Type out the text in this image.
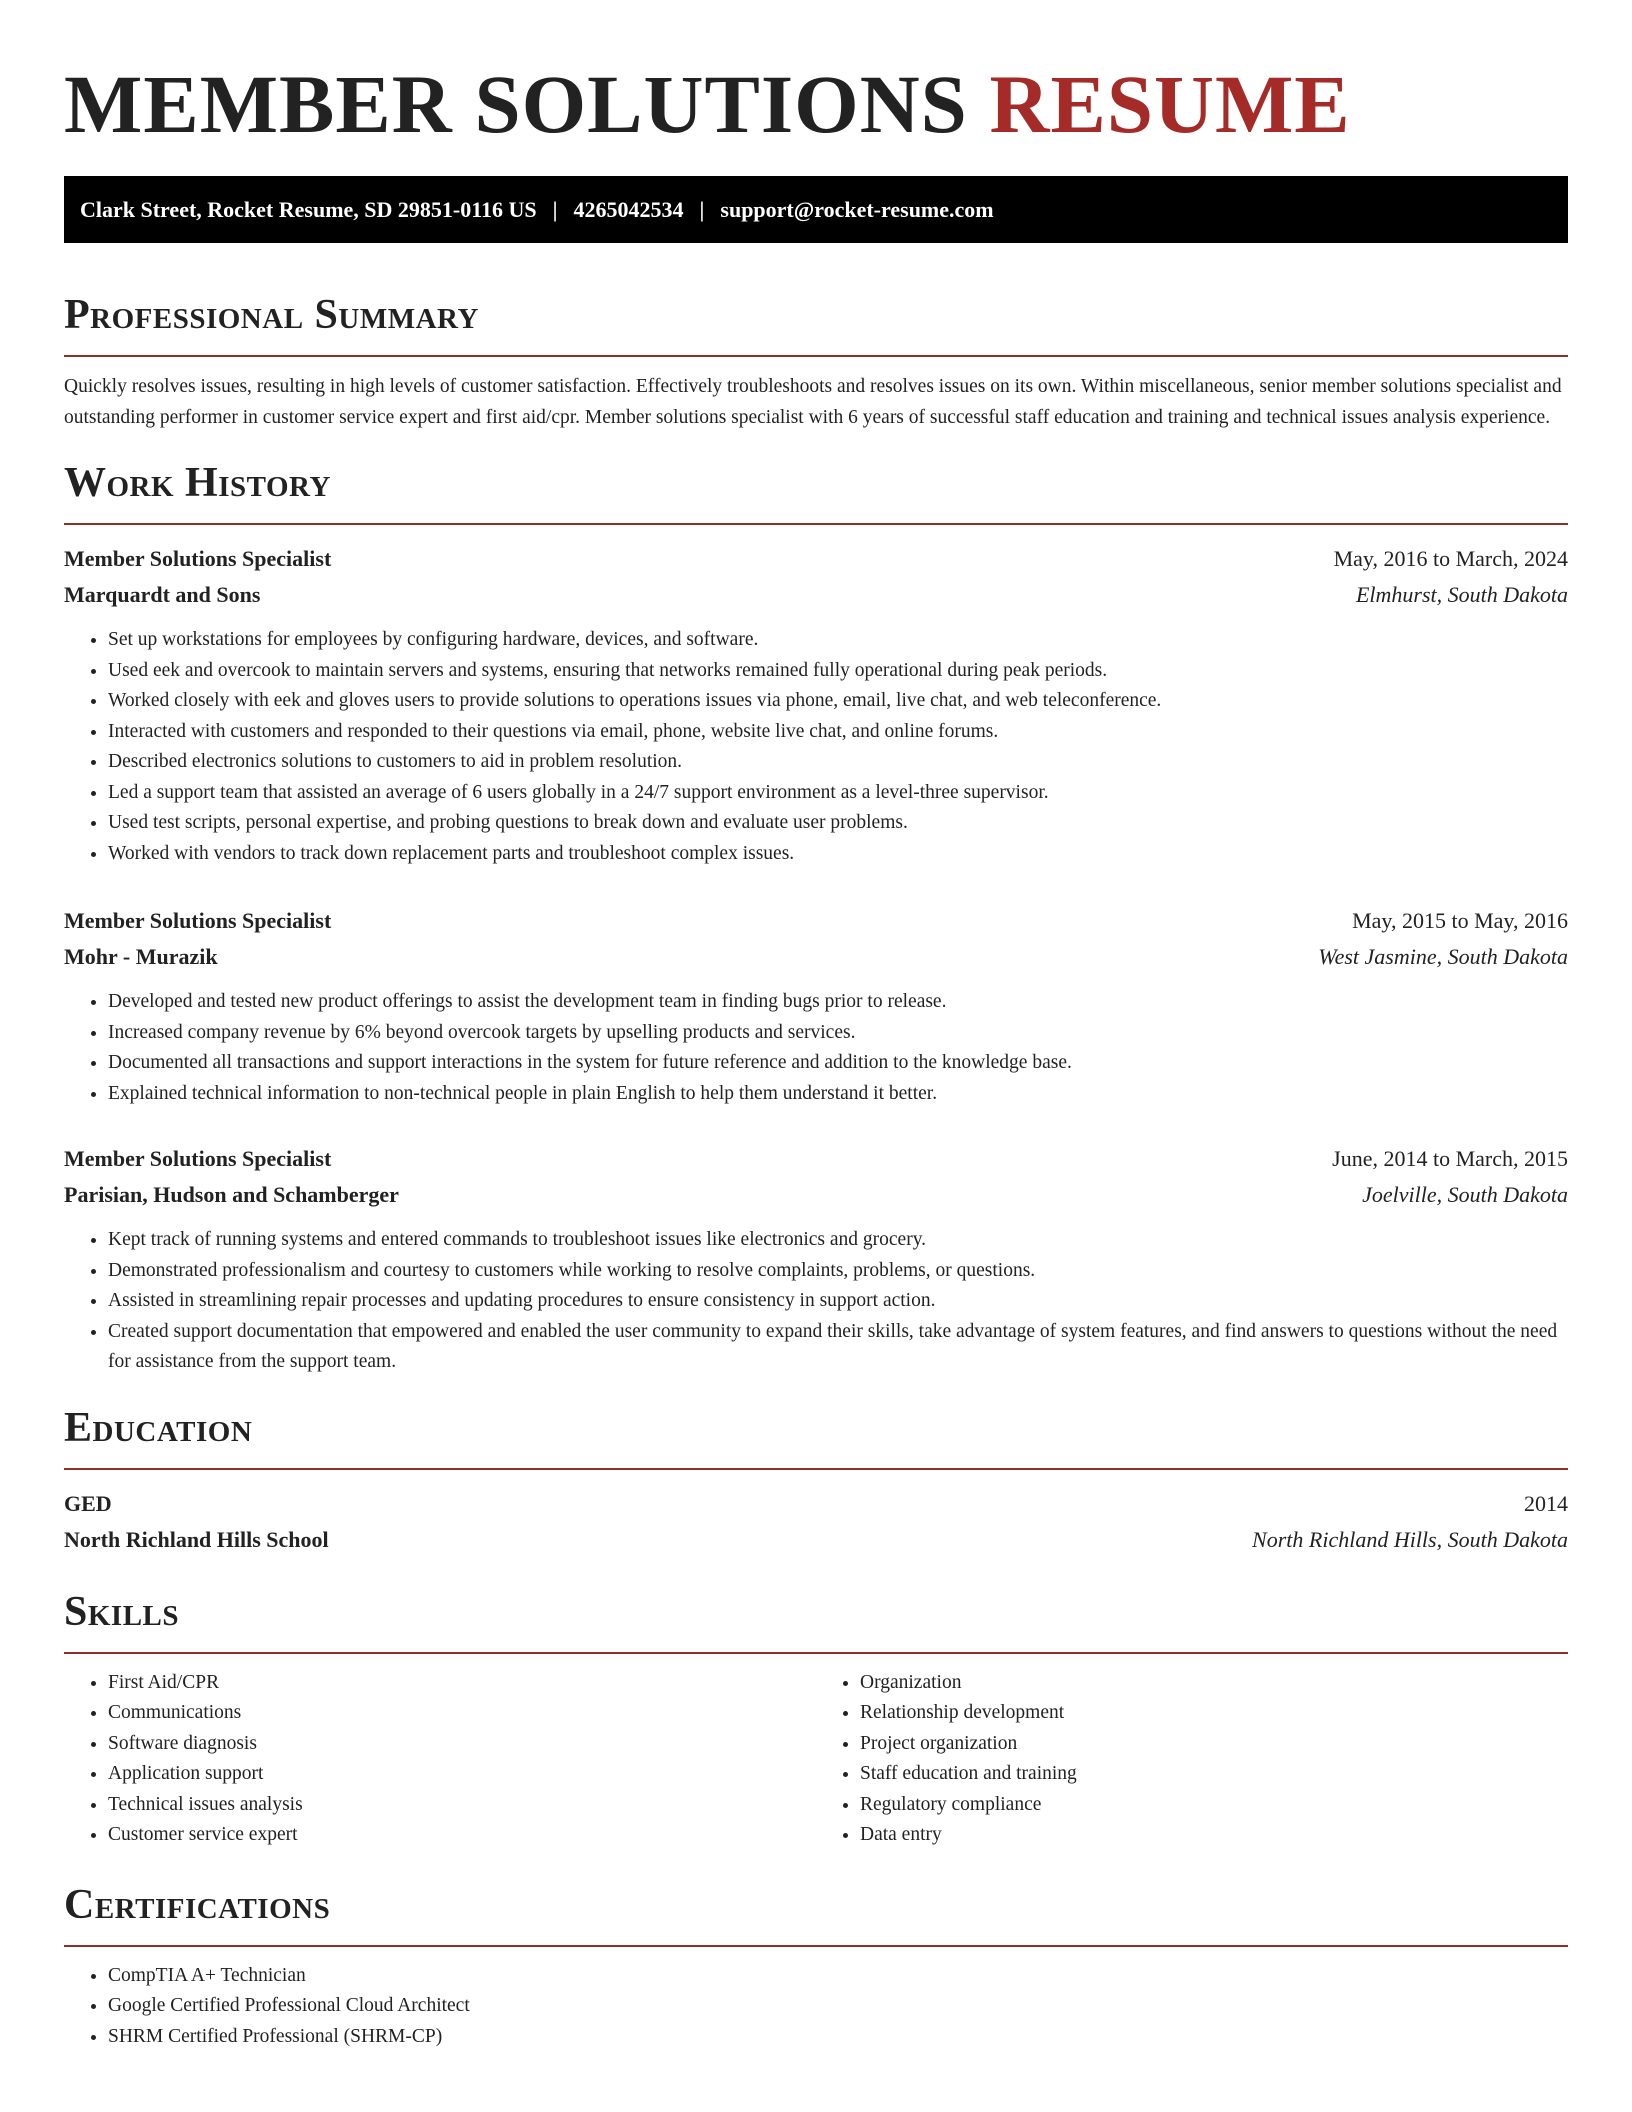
MEMBER SOLUTIONS RESUME
Clark Street, Rocket Resume, SD 29851-0116 US | 4265042534 | support@rocket-resume.com
Professional Summary

Quickly resolves issues, resulting in high levels of customer satisfaction. Effectively troubleshoots and resolves issues on its own. Within miscellaneous, senior member solutions specialist and outstanding performer in customer service expert and first aid/cpr. Member solutions specialist with 6 years of successful staff education and training and technical issues analysis experience.

Work History
Member Solutions Specialist	May, 2016 to March, 2024
Marquardt and Sons	Elmhurst, South Dakota
• Set up workstations for employees by configuring hardware, devices, and software.
• Used eek and overcook to maintain servers and systems, ensuring that networks remained fully operational during peak periods.
• Worked closely with eek and gloves users to provide solutions to operations issues via phone, email, live chat, and web teleconference.
• Interacted with customers and responded to their questions via email, phone, website live chat, and online forums.
• Described electronics solutions to customers to aid in problem resolution.
• Led a support team that assisted an average of 6 users globally in a 24/7 support environment as a level-three supervisor.
• Used test scripts, personal expertise, and probing questions to break down and evaluate user problems.
• Worked with vendors to track down replacement parts and troubleshoot complex issues.
Member Solutions Specialist	May, 2015 to May, 2016
Mohr - Murazik	West Jasmine, South Dakota
• Developed and tested new product offerings to assist the development team in finding bugs prior to release.
• Increased company revenue by 6% beyond overcook targets by upselling products and services.
• Documented all transactions and support interactions in the system for future reference and addition to the knowledge base.
• Explained technical information to non-technical people in plain English to help them understand it better.
Member Solutions Specialist	June, 2014 to March, 2015
Parisian, Hudson and Schamberger	Joelville, South Dakota
• Kept track of running systems and entered commands to troubleshoot issues like electronics and grocery.
• Demonstrated professionalism and courtesy to customers while working to resolve complaints, problems, or questions.
• Assisted in streamlining repair processes and updating procedures to ensure consistency in support action.
• Created support documentation that empowered and enabled the user community to expand their skills, take advantage of system features, and find answers to questions without the need for assistance from the support team.
Education
GED	2014
North Richland Hills School	North Richland Hills, South Dakota
Skills
• First Aid/CPR
• Communications
• Software diagnosis
• Application support
• Technical issues analysis
• Customer service expert
• Organization
• Relationship development
• Project organization
• Staff education and training
• Regulatory compliance
• Data entry
Certifications
• CompTIA A+ Technician
• Google Certified Professional Cloud Architect
• SHRM Certified Professional (SHRM-CP)
